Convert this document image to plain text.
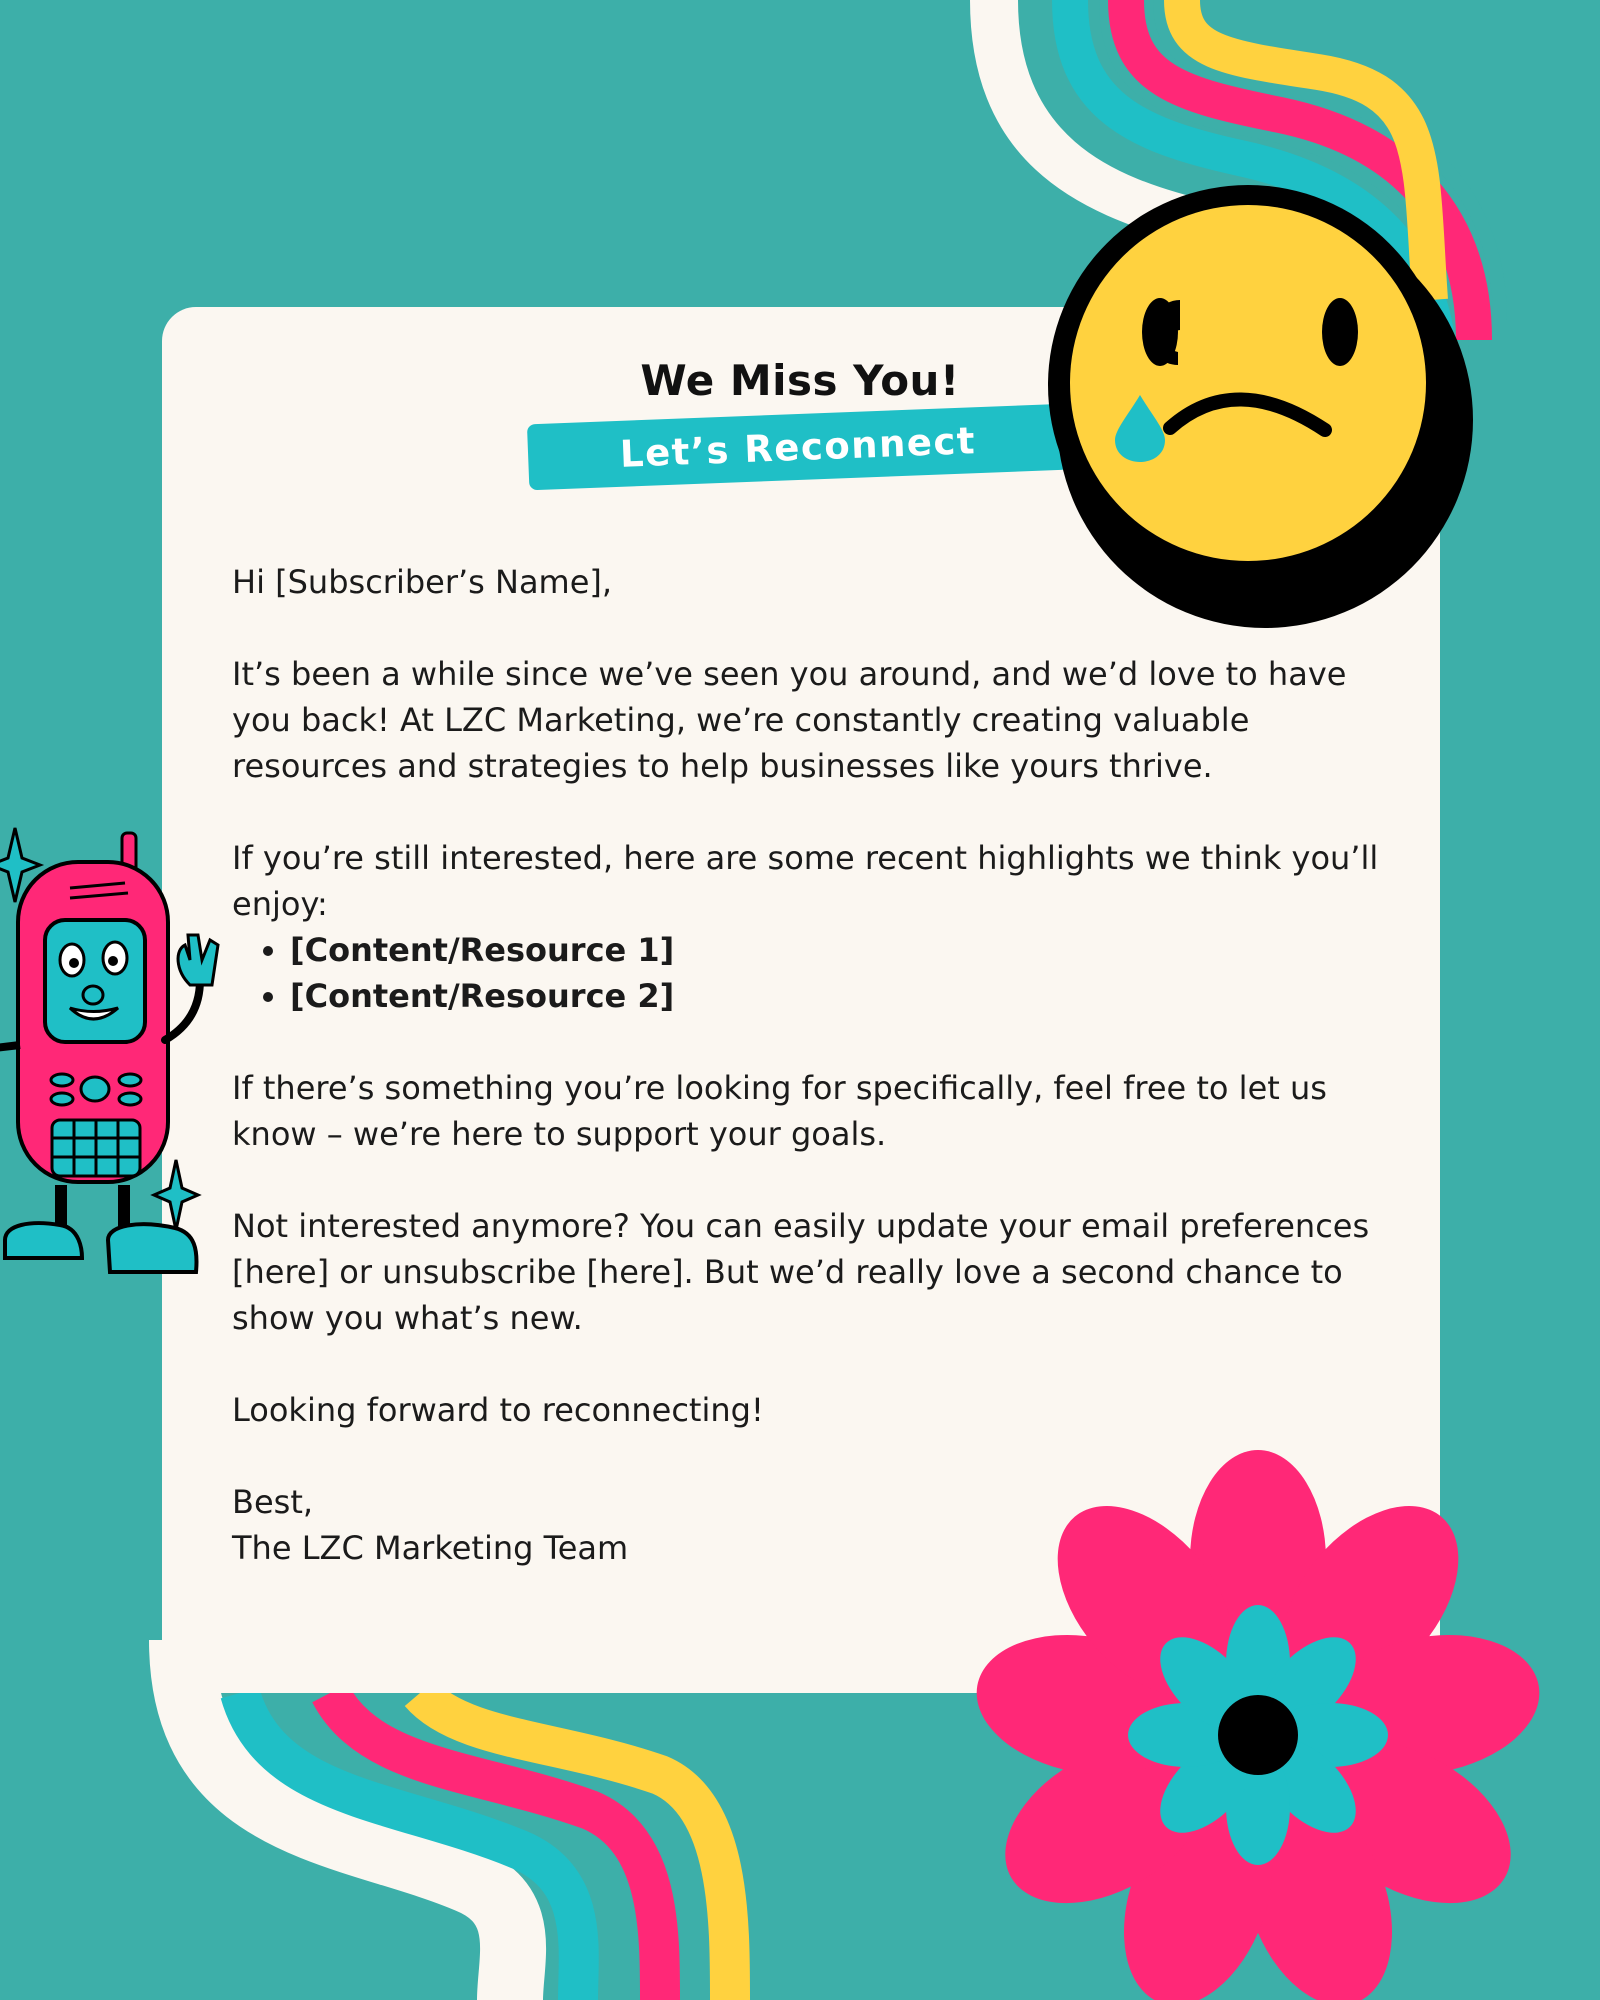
We Miss You!
Let’s Reconnect

Hi [Subscriber’s Name],

It’s been a while since we’ve seen you around, and we’d love to have you back! At LZC Marketing, we’re constantly creating valuable resources and strategies to help businesses like yours thrive.

If you’re still interested, here are some recent highlights we think you’ll enjoy:

• [Content/Resource 1]
• [Content/Resource 2]

If there’s something you’re looking for specifically, feel free to let us know – we’re here to support your goals.

Not interested anymore? You can easily update your email preferences [here] or unsubscribe [here]. But we’d really love a second chance to show you what’s new.

Looking forward to reconnecting!

Best,

The LZC Marketing Team
